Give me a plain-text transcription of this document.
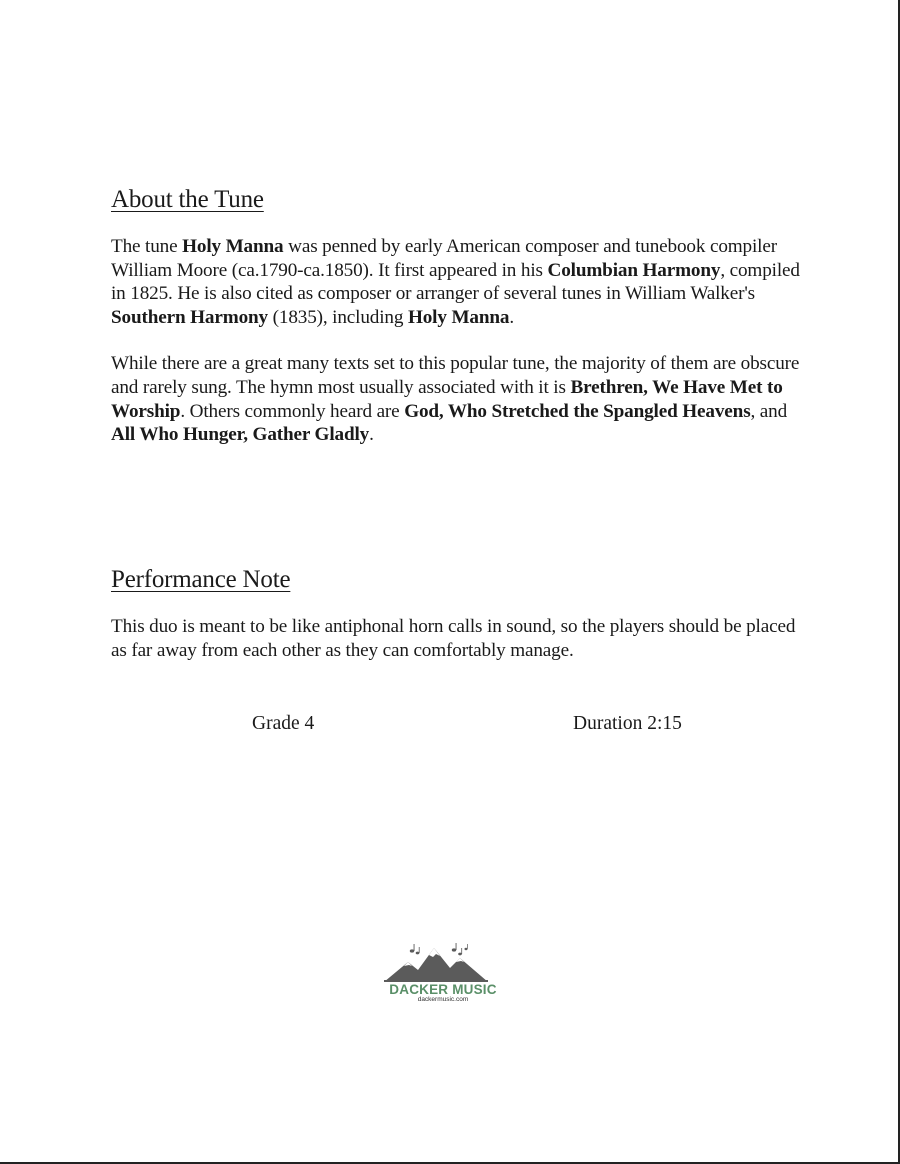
About the Tune

The tune Holy Manna was penned by early American composer and tunebook compiler William Moore (ca.1790-ca.1850). It first appeared in his Columbian Harmony, compiled in 1825. He is also cited as composer or arranger of several tunes in William Walker's Southern Harmony (1835), including Holy Manna.

While there are a great many texts set to this popular tune, the majority of them are obscure and rarely sung. The hymn most usually associated with it is Brethren, We Have Met to Worship. Others commonly heard are God, Who Stretched the Spangled Heavens, and All Who Hunger, Gather Gladly.

Performance Note

This duo is meant to be like antiphonal horn calls in sound, so the players should be placed as far away from each other as they can comfortably manage.

Grade 4	Duration 2:15
DACKER MUSIC
dackermusic.com
